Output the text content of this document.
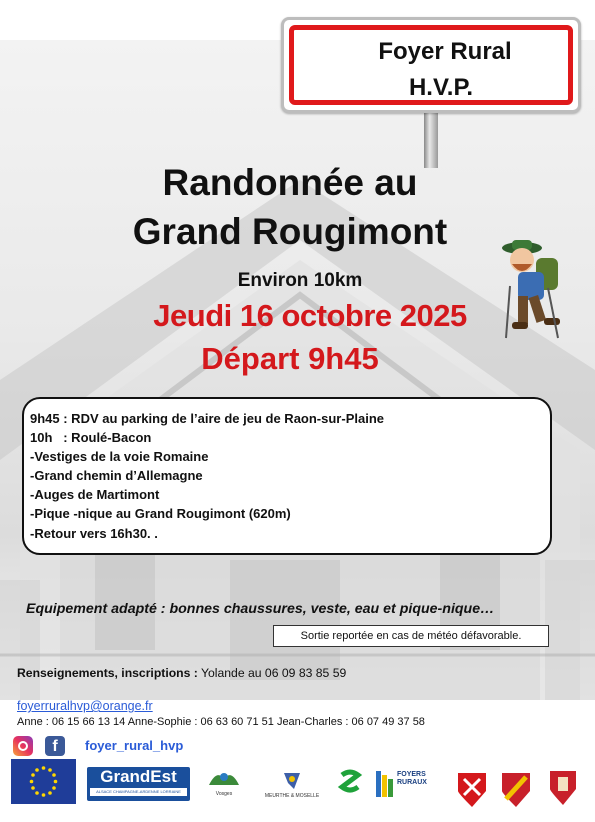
Foyer Rural
H.V.P.
Randonnée au
Grand Rougimont
Environ 10km
Jeudi 16 octobre 2025
Départ 9h45
9h45 : RDV au parking de l’aire de jeu de Raon-sur-Plaine
10h   : Roulé-Bacon
-Vestiges de la voie Romaine
-Grand chemin d’Allemagne
-Auges de Martimont
-Pique -nique au Grand Rougimont (620m)
-Retour vers 16h30. .
Equipement adapté : bonnes chaussures, veste, eau et pique-nique…
Sortie reportée en cas de météo défavorable.
Renseignements, inscriptions : Yolande au 06 09 83 85 59
foyerruralhvp@orange.fr
Anne : 06 15 66 13 14 Anne-Sophie : 06 63 60 71 51 Jean-Charles : 06 07 49 37 58
f	foyer_rural_hvp
GrandEst
ALSACE CHAMPAGNE-ARDENNE LORRAINE	Vosges	MEURTHE & MOSELLE
FOYERS RURAUX
